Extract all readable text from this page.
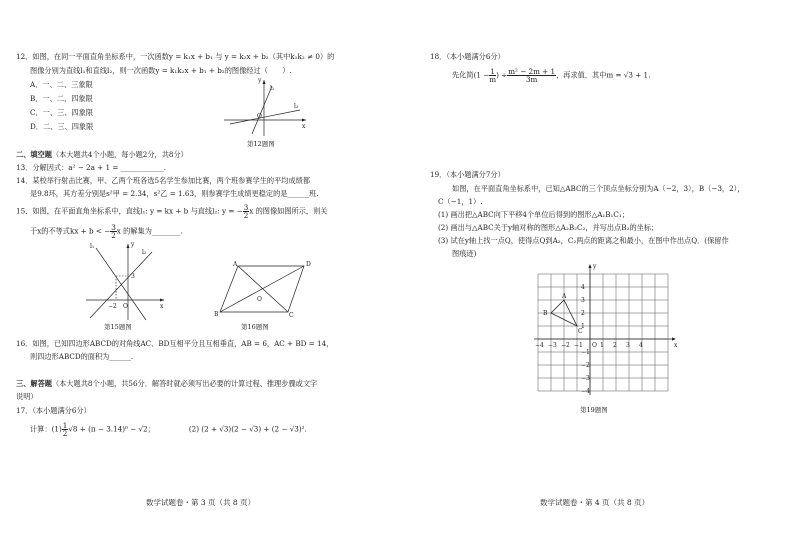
12．如图，在同一平面直角坐标系中，一次函数y = k₁x + b₁ 与 y = k₂x + b₂（其中k₁k₂ ≠ 0）的
图像分别为直线l₁和直线l₂，则一次函数y = k₁k₂x + b₁ + b₂的图像经过（　　）.
A．一、二、三象限
B．一、二、四象限
C．一、三、四象限
D．二、三、四象限
y
l₁
l₂
O
x
第12题图
二、填空题（本大题共4个小题，每小题2分，共8分）
13．分解因式：a² − 2a + 1 = ____________.
14．某校举行射击比赛，甲、乙两个班各选5名学生参加比赛，两个班参赛学生的平均成绩都
是9.8环，其方差分别是s²甲 = 2.34，s²乙 = 1.63，则参赛学生成绩更稳定的是______班.
15．如图，在平面直角坐标系中，直线l₁: y = kx + b 与直线l₂: y = − $\frac{3}{2}$ x 的图像如图所示，则关
于x的不等式kx + b < − $\frac{3}{2}$ x 的解集为________.
l₁
l₂
y
3
−2 O	x
第15题图
A	D
B	C
O
第16题图
16．如图，已知四边形ABCD的对角线AC、BD互相平分且互相垂直，AB = 6，AC + BD = 14，
则四边形ABCD的面积为______.
三、解答题（本大题共8个小题，共56分．解答时就必须写出必要的计算过程、推理步骤或文字
说明）
17．（本小题满分6分）
计算：$(1) \frac{1}{2} √8 + (\pi - 3.14)^0 - √2$；	(2) (2 + √3)(2 − √3) + (2 − √3)².
数学试题卷・第 3 页（共 8 页）
18．（本小题满分6分）
先化简($1 - \frac{1}{m}$ ) ÷ $\frac{\text{m² − 2m + 1}}{3m}$ ，再求值．其中m = √3 + 1.
19．（本小题满分7分）
如图，在平面直角坐标系中，已知△ABC的三个顶点坐标分别为A（−2，3），B（−3，2），
C（−1，1）.
(1) 画出把△ABC向下平移4个单位后得到的图形△A₁B₁C₁；
(2) 画出与△ABC关于y轴对称的图形△A₂B₂C₂，并写出点B₂的坐标；
(3) 试在y轴上找一点Q，使得点Q到A₂，C₂两点的距离之和最小，在图中作出点Q．(保留作
图痕迹)
A
B
C
y
x
O
−4 −3 −2 −1	1 2 3 4
4
3
2
1
−1
−2
−3
−4
第19题图
数学试题卷・第 4 页（共 8 页）
